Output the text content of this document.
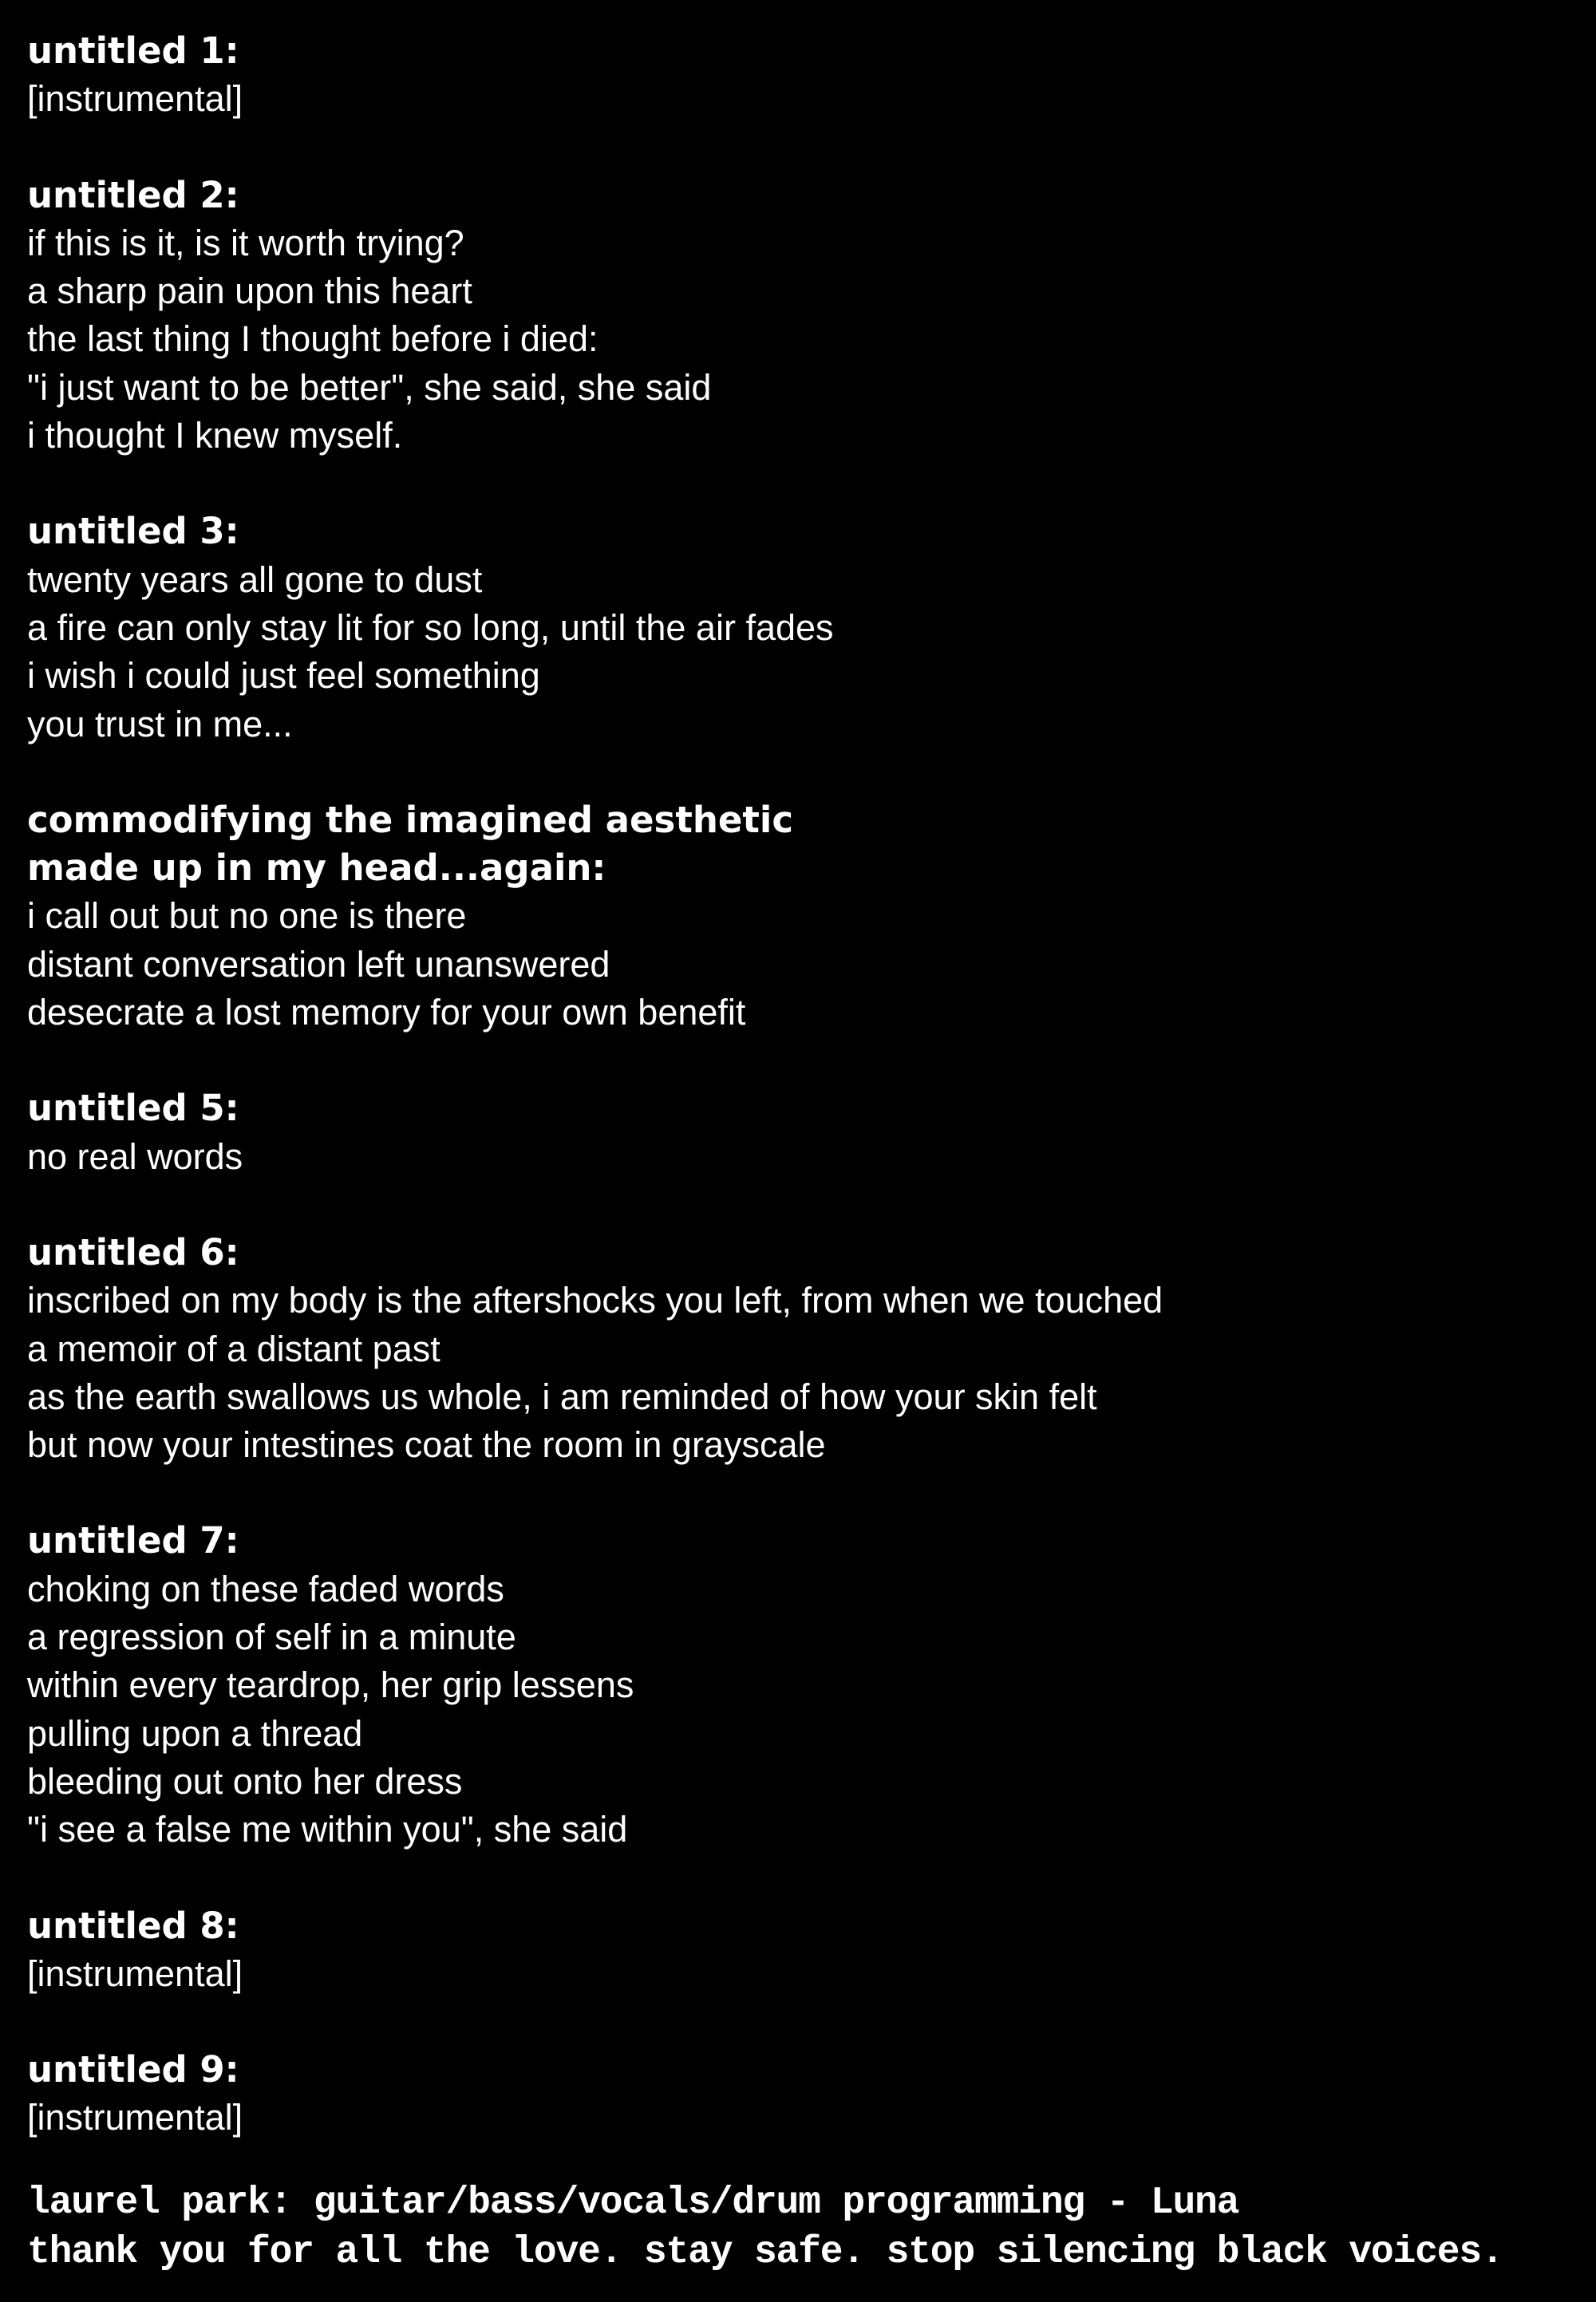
untitled 1:

[instrumental]

untitled 2:

if this is it, is it worth trying?

a sharp pain upon this heart

the last thing I thought before i died:

"i just want to be better", she said, she said

i thought I knew myself.

untitled 3:

twenty years all gone to dust

a fire can only stay lit for so long, until the air fades

i wish i could just feel something

you trust in me...

commodifying the imagined aesthetic
made up in my head...again:

i call out but no one is there

distant conversation left unanswered

desecrate a lost memory for your own benefit

untitled 5:

no real words

untitled 6:

inscribed on my body is the aftershocks you left, from when we touched

a memoir of a distant past

as the earth swallows us whole, i am reminded of how your skin felt

but now your intestines coat the room in grayscale

untitled 7:

choking on these faded words

a regression of self in a minute

within every teardrop, her grip lessens

pulling upon a thread

bleeding out onto her dress

"i see a false me within you", she said

untitled 8:

[instrumental]

untitled 9:

[instrumental]

laurel park: guitar/bass/vocals/drum programming - Luna

thank you for all the love. stay safe. stop silencing black voices.
